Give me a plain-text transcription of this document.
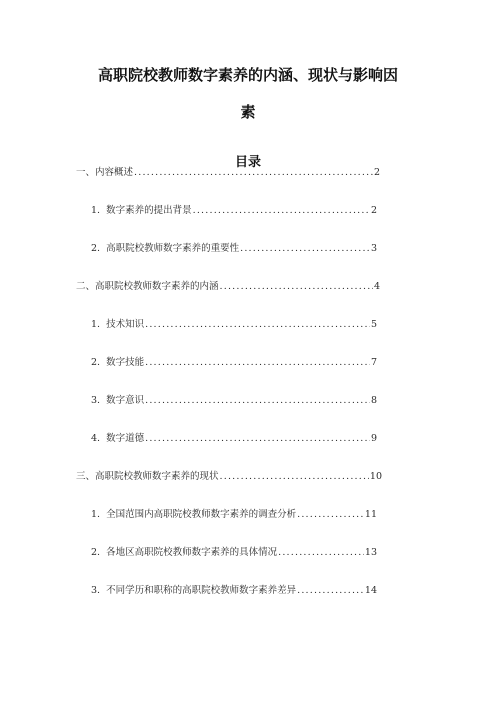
高职院校教师数字素养的内涵、现状与影响因
素
目录
一、内容概述 .....	2
1. 数字素养的提出背景 .....	2
2. 高职院校教师数字素养的重要性 .....	3
二、高职院校教师数字素养的内涵 .....	4
1. 技术知识 .....	5
2. 数字技能 .....	7
3. 数字意识 .....	8
4. 数字道德 .....	9
三、高职院校教师数字素养的现状 .....	10
1. 全国范围内高职院校教师数字素养的调查分析 .....	11
2. 各地区高职院校教师数字素养的具体情况 .....	13
3. 不同学历和职称的高职院校教师数字素养差异 .....	14
